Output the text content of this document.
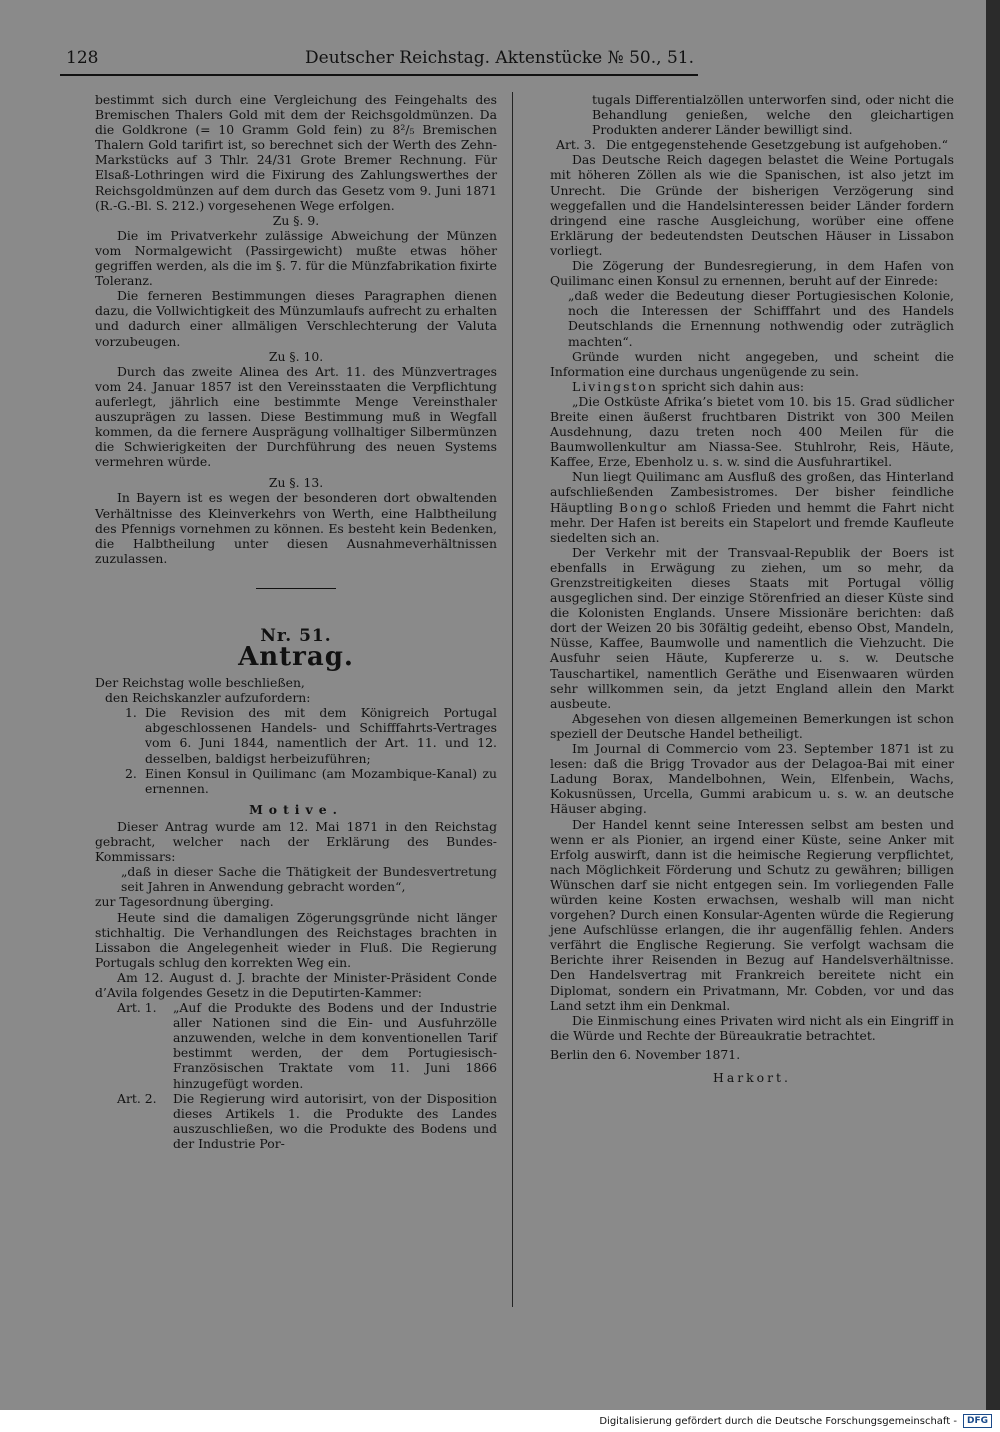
128	Deutscher Reichstag. Aktenstücke № 50., 51.

bestimmt sich durch eine Vergleichung des Feingehalts des Bremischen Thalers Gold mit dem der Reichsgoldmünzen. Da die Goldkrone (= 10 Gramm Gold fein) zu 8²/₅ Bremischen Thalern Gold tarifirt ist, so berechnet sich der Werth des Zehn-Markstücks auf 3 Thlr. 24/31 Grote Bremer Rechnung. Für Elsaß-Lothringen wird die Fixirung des Zahlungswerthes der Reichsgoldmünzen auf dem durch das Gesetz vom 9. Juni 1871 (R.-G.-Bl. S. 212.) vorgesehenen Wege erfolgen.

Zu §. 9.

Die im Privatverkehr zulässige Abweichung der Münzen vom Normalgewicht (Passirgewicht) mußte etwas höher gegriffen werden, als die im §. 7. für die Münzfabrikation fixirte Toleranz.

Die ferneren Bestimmungen dieses Paragraphen dienen dazu, die Vollwichtigkeit des Münzumlaufs aufrecht zu erhalten und dadurch einer allmäligen Verschlechterung der Valuta vorzubeugen.

Zu §. 10.

Durch das zweite Alinea des Art. 11. des Münzvertrages vom 24. Januar 1857 ist den Vereinsstaaten die Verpflichtung auferlegt, jährlich eine bestimmte Menge Vereinsthaler auszuprägen zu lassen. Diese Bestimmung muß in Wegfall kommen, da die fernere Ausprägung vollhaltiger Silbermünzen die Schwierigkeiten der Durchführung des neuen Systems vermehren würde.

Zu §. 13.

In Bayern ist es wegen der besonderen dort obwaltenden Verhältnisse des Kleinverkehrs von Werth, eine Halbtheilung des Pfennigs vornehmen zu können. Es besteht kein Bedenken, die Halbtheilung unter diesen Ausnahmeverhältnissen zuzulassen.

Nr. 51.

Antrag.

Der Reichstag wolle beschließen,

den Reichskanzler aufzufordern:

1. Die Revision des mit dem Königreich Portugal abgeschlossenen Handels- und Schifffahrts-Vertrages vom 6. Juni 1844, namentlich der Art. 11. und 12. desselben, baldigst herbeizuführen;
2. Einen Konsul in Quilimanc (am Mozambique-Kanal) zu ernennen.

Motive.

Dieser Antrag wurde am 12. Mai 1871 in den Reichstag gebracht, welcher nach der Erklärung des Bundes-Kommissars:

„daß in dieser Sache die Thätigkeit der Bundesvertretung seit Jahren in Anwendung gebracht worden“,

zur Tagesordnung überging.

Heute sind die damaligen Zögerungsgründe nicht länger stichhaltig. Die Verhandlungen des Reichstages brachten in Lissabon die Angelegenheit wieder in Fluß. Die Regierung Portugals schlug den korrekten Weg ein.

Am 12. August d. J. brachte der Minister-Präsident Conde d’Avila folgendes Gesetz in die Deputirten-Kammer:

Art. 1.	„Auf die Produkte des Bodens und der Industrie aller Nationen sind die Ein- und Ausfuhrzölle anzuwenden, welche in dem konventionellen Tarif bestimmt werden, der dem Portugiesisch-Französischen Traktate vom 11. Juni 1866 hinzugefügt worden.
Art. 2.	Die Regierung wird autorisirt, von der Disposition dieses Artikels 1. die Produkte des Landes auszuschließen, wo die Produkte des Bodens und der Industrie Por-

tugals Differentialzöllen unterworfen sind, oder nicht die Behandlung genießen, welche den gleichartigen Produkten anderer Länder bewilligt sind.

Art. 3. Die entgegenstehende Gesetzgebung ist aufgehoben.“

Das Deutsche Reich dagegen belastet die Weine Portugals mit höheren Zöllen als wie die Spanischen, ist also jetzt im Unrecht. Die Gründe der bisherigen Verzögerung sind weggefallen und die Handelsinteressen beider Länder fordern dringend eine rasche Ausgleichung, worüber eine offene Erklärung der bedeutendsten Deutschen Häuser in Lissabon vorliegt.

Die Zögerung der Bundesregierung, in dem Hafen von Quilimanc einen Konsul zu ernennen, beruht auf der Einrede:

„daß weder die Bedeutung dieser Portugiesischen Kolonie, noch die Interessen der Schifffahrt und des Handels Deutschlands die Ernennung nothwendig oder zuträglich machten“.

Gründe wurden nicht angegeben, und scheint die Information eine durchaus ungenügende zu sein.

Livingston spricht sich dahin aus:

„Die Ostküste Afrika’s bietet vom 10. bis 15. Grad südlicher Breite einen äußerst fruchtbaren Distrikt von 300 Meilen Ausdehnung, dazu treten noch 400 Meilen für die Baumwollenkultur am Niassa-See. Stuhlrohr, Reis, Häute, Kaffee, Erze, Ebenholz u. s. w. sind die Ausfuhrartikel.

Nun liegt Quilimanc am Ausfluß des großen, das Hinterland aufschließenden Zambesistromes. Der bisher feindliche Häuptling Bongo schloß Frieden und hemmt die Fahrt nicht mehr. Der Hafen ist bereits ein Stapelort und fremde Kaufleute siedelten sich an.

Der Verkehr mit der Transvaal-Republik der Boers ist ebenfalls in Erwägung zu ziehen, um so mehr, da Grenzstreitigkeiten dieses Staats mit Portugal völlig ausgeglichen sind. Der einzige Störenfried an dieser Küste sind die Kolonisten Englands. Unsere Missionäre berichten: daß dort der Weizen 20 bis 30fältig gedeiht, ebenso Obst, Mandeln, Nüsse, Kaffee, Baumwolle und namentlich die Viehzucht. Die Ausfuhr seien Häute, Kupfererze u. s. w. Deutsche Tauschartikel, namentlich Geräthe und Eisenwaaren würden sehr willkommen sein, da jetzt England allein den Markt ausbeute.

Abgesehen von diesen allgemeinen Bemerkungen ist schon speziell der Deutsche Handel betheiligt.

Im Journal di Commercio vom 23. September 1871 ist zu lesen: daß die Brigg Trovador aus der Delagoa-Bai mit einer Ladung Borax, Mandelbohnen, Wein, Elfenbein, Wachs, Kokusnüssen, Urcella, Gummi arabicum u. s. w. an deutsche Häuser abging.

Der Handel kennt seine Interessen selbst am besten und wenn er als Pionier, an irgend einer Küste, seine Anker mit Erfolg auswirft, dann ist die heimische Regierung verpflichtet, nach Möglichkeit Förderung und Schutz zu gewähren; billigen Wünschen darf sie nicht entgegen sein. Im vorliegenden Falle würden keine Kosten erwachsen, weshalb will man nicht vorgehen? Durch einen Konsular-Agenten würde die Regierung jene Aufschlüsse erlangen, die ihr augenfällig fehlen. Anders verfährt die Englische Regierung. Sie verfolgt wachsam die Berichte ihrer Reisenden in Bezug auf Handelsverhältnisse. Den Handelsvertrag mit Frankreich bereitete nicht ein Diplomat, sondern ein Privatmann, Mr. Cobden, vor und das Land setzt ihm ein Denkmal.

Die Einmischung eines Privaten wird nicht als ein Eingriff in die Würde und Rechte der Büreaukratie betrachtet.

Berlin den 6. November 1871.

Harkort.

Digitalisierung gefördert durch die Deutsche Forschungsgemeinschaft -	DFG
